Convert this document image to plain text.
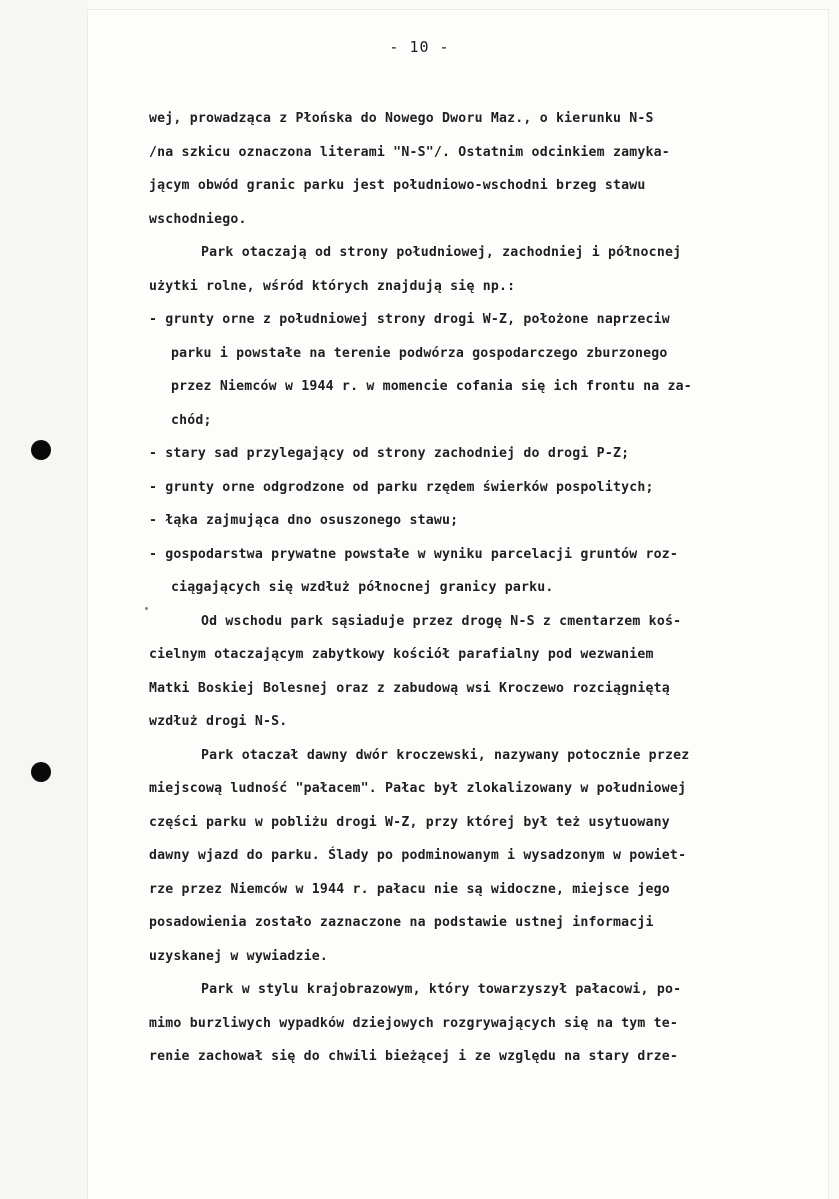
- 10 -
wej, prowadząca z Płońska do Nowego Dworu Maz., o kierunku N-S
/na szkicu oznaczona literami "N-S"/. Ostatnim odcinkiem zamyka-
jącym obwód granic parku jest południowo-wschodni brzeg stawu
wschodniego.
Park otaczają od strony południowej, zachodniej i północnej
użytki rolne, wśród których znajdują się np.:
- grunty orne z południowej strony drogi W-Z, położone naprzeciw
parku i powstałe na terenie podwórza gospodarczego zburzonego
przez Niemców w 1944 r. w momencie cofania się ich frontu na za-
chód;
- stary sad przylegający od strony zachodniej do drogi P-Z;
- grunty orne odgrodzone od parku rzędem świerków pospolitych;
- łąka zajmująca dno osuszonego stawu;
- gospodarstwa prywatne powstałe w wyniku parcelacji gruntów roz-
ciągających się wzdłuż północnej granicy parku.
Od wschodu park sąsiaduje przez drogę N-S z cmentarzem koś-
cielnym otaczającym zabytkowy kościół parafialny pod wezwaniem
Matki Boskiej Bolesnej oraz z zabudową wsi Kroczewo rozciągniętą
wzdłuż drogi N-S.
Park otaczał dawny dwór kroczewski, nazywany potocznie przez
miejscową ludność "pałacem". Pałac był zlokalizowany w południowej
części parku w pobliżu drogi W-Z, przy której był też usytuowany
dawny wjazd do parku. Ślady po podminowanym i wysadzonym w powiet-
rze przez Niemców w 1944 r. pałacu nie są widoczne, miejsce jego
posadowienia zostało zaznaczone na podstawie ustnej informacji
uzyskanej w wywiadzie.
Park w stylu krajobrazowym, który towarzyszył pałacowi, po-
mimo burzliwych wypadków dziejowych rozgrywających się na tym te-
renie zachował się do chwili bieżącej i ze względu na stary drze-
